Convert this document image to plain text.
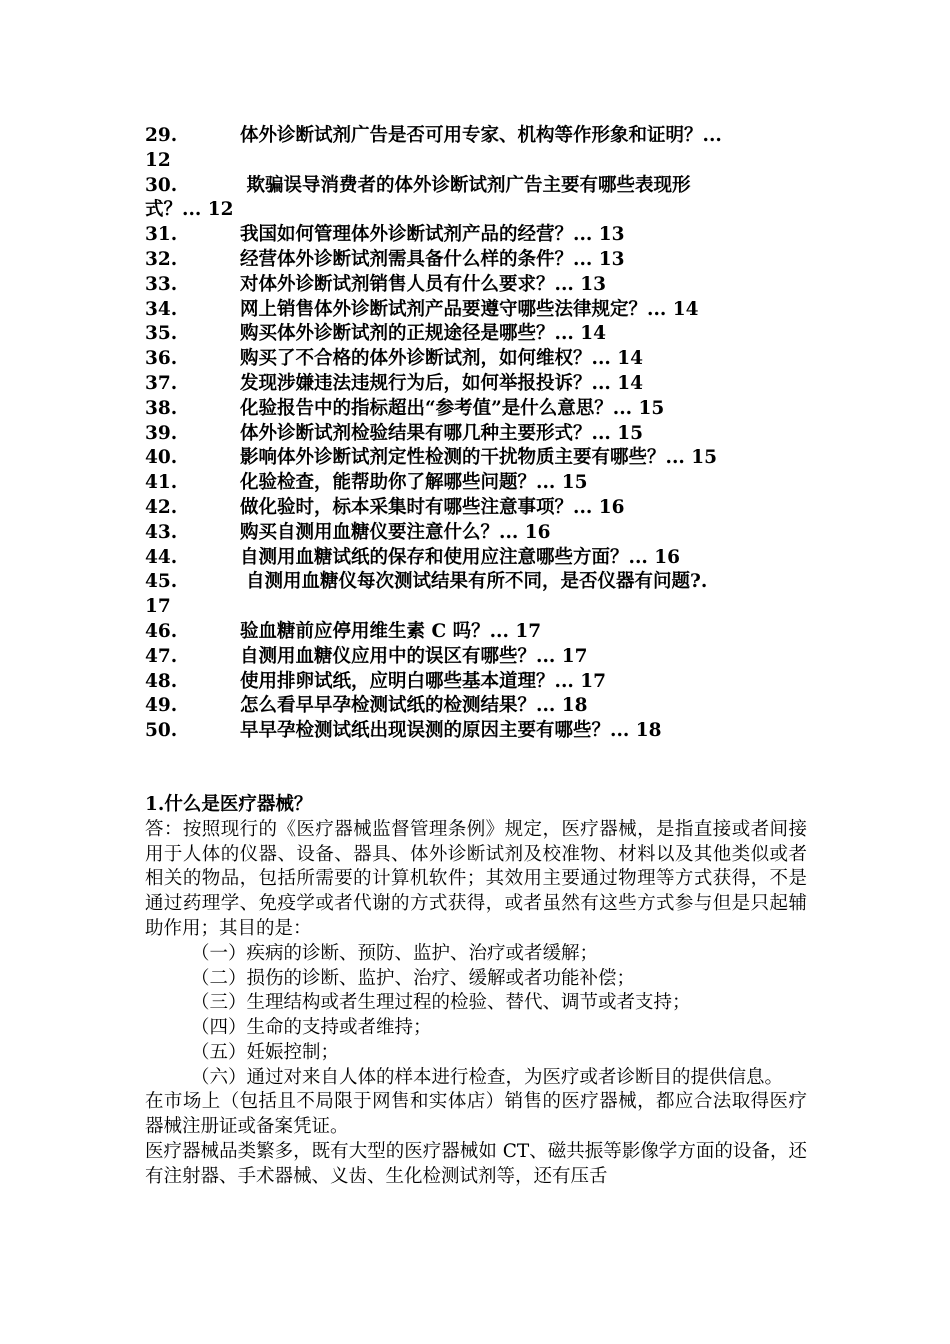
29.	体外诊断试剂广告是否可用专家、机构等作形象和证明？...
12
30.	欺骗误导消费者的体外诊断试剂广告主要有哪些表现形
式？... 12
31.	我国如何管理体外诊断试剂产品的经营？... 13
32.	经营体外诊断试剂需具备什么样的条件？... 13
33.	对体外诊断试剂销售人员有什么要求？... 13
34.	网上销售体外诊断试剂产品要遵守哪些法律规定？... 14
35.	购买体外诊断试剂的正规途径是哪些？... 14
36.	购买了不合格的体外诊断试剂，如何维权？... 14
37.	发现涉嫌违法违规行为后，如何举报投诉？... 14
38.	化验报告中的指标超出“参考值”是什么意思？... 15
39.	体外诊断试剂检验结果有哪几种主要形式？... 15
40.	影响体外诊断试剂定性检测的干扰物质主要有哪些？... 15
41.	化验检查，能帮助你了解哪些问题？... 15
42.	做化验时，标本采集时有哪些注意事项？... 16
43.	购买自测用血糖仪要注意什么？... 16
44.	自测用血糖试纸的保存和使用应注意哪些方面？... 16
45.	自测用血糖仪每次测试结果有所不同，是否仪器有问题?.
17
46.	验血糖前应停用维生素 C 吗？... 17
47.	自测用血糖仪应用中的误区有哪些？... 17
48.	使用排卵试纸，应明白哪些基本道理？... 17
49.	怎么看早早孕检测试纸的检测结果？... 18
50.	早早孕检测试纸出现误测的原因主要有哪些？... 18
1.什么是医疗器械？
答：按照现行的《医疗器械监督管理条例》规定，医疗器械，是指直接或者间接用于人体的仪器、设备、器具、体外诊断试剂及校准物、材料以及其他类似或者相关的物品，包括所需要的计算机软件；其效用主要通过物理等方式获得，不是通过药理学、免疫学或者代谢的方式获得，或者虽然有这些方式参与但是只起辅助作用；其目的是：
（一）疾病的诊断、预防、监护、治疗或者缓解；
（二）损伤的诊断、监护、治疗、缓解或者功能补偿；
（三）生理结构或者生理过程的检验、替代、调节或者支持；
（四）生命的支持或者维持；
（五）妊娠控制；
（六）通过对来自人体的样本进行检查，为医疗或者诊断目的提供信息。
在市场上（包括且不局限于网售和实体店）销售的医疗器械，都应合法取得医疗器械注册证或备案凭证。
医疗器械品类繁多，既有大型的医疗器械如 CT、磁共振等影像学方面的设备，还有注射器、手术器械、义齿、生化检测试剂等，还有压舌
